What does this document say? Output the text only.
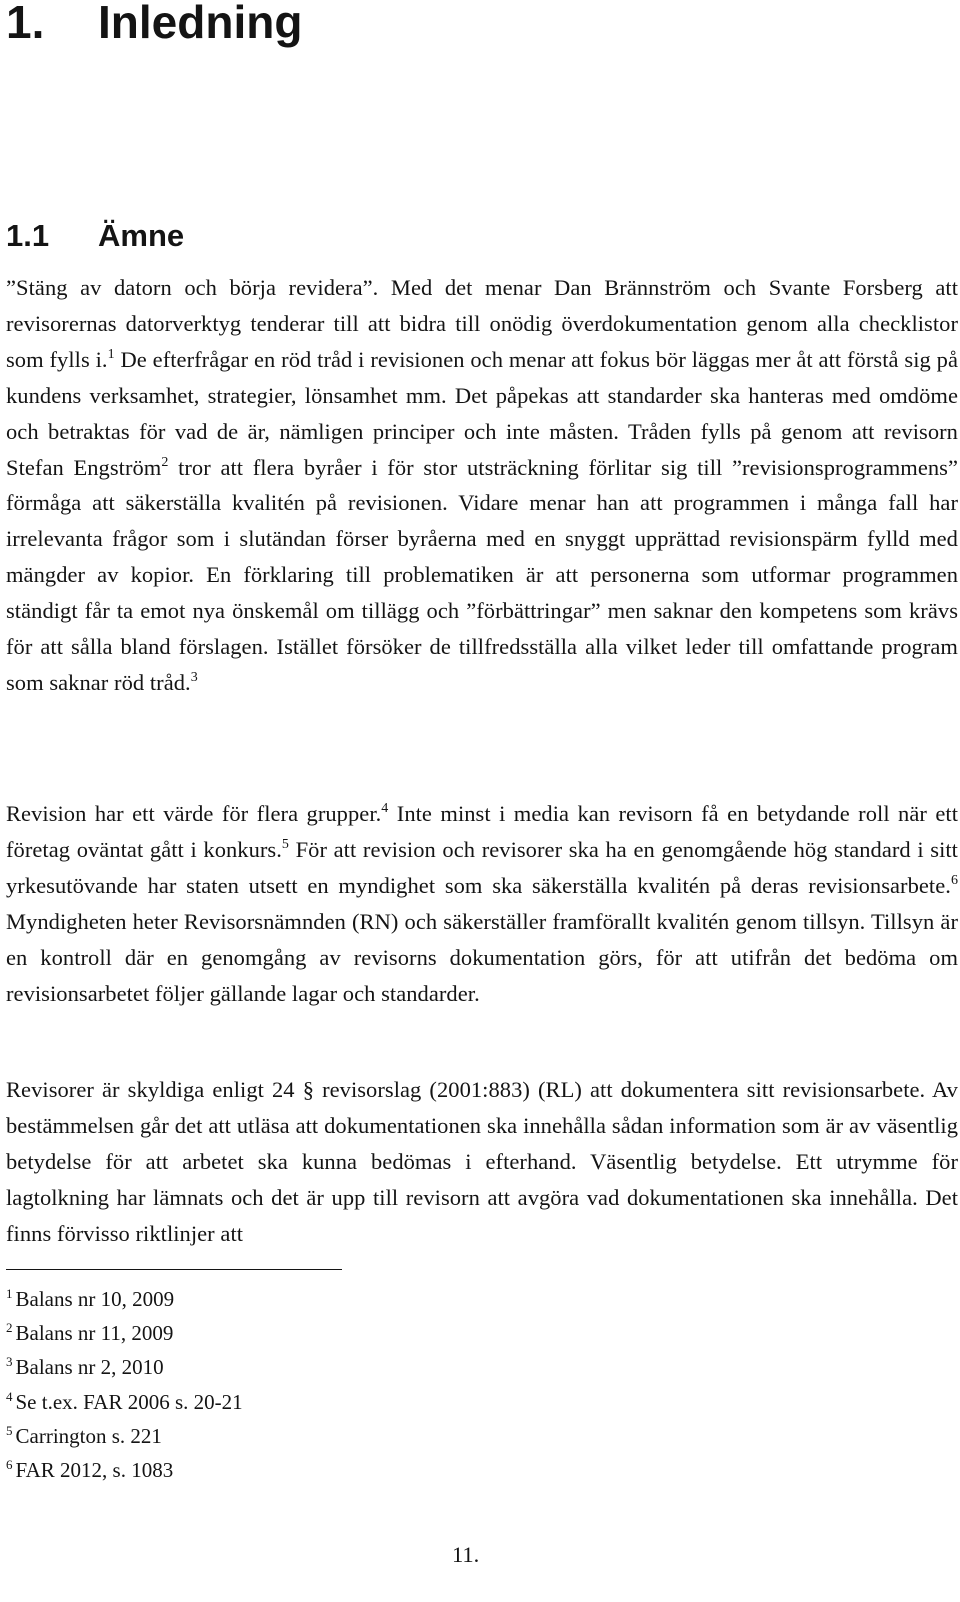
1. Inledning
1.1 Ämne

”Stäng av datorn och börja revidera”. Med det menar Dan Brännström och Svante Forsberg att revisorernas datorverktyg tenderar till att bidra till onödig överdokumentation genom alla checklistor som fylls i.$^1$ De efterfrågar en röd tråd i revisionen och menar att fokus bör läggas mer åt att förstå sig på kundens verksamhet, strategier, lönsamhet mm. Det påpekas att standarder ska hanteras med omdöme och betraktas för vad de är, nämligen principer och inte måsten. Tråden fylls på genom att revisorn Stefan Engström$^2$ tror att flera byråer i för stor utsträckning förlitar sig till ”revisionsprogrammens” förmåga att säkerställa kvalitén på revisionen. Vidare menar han att programmen i många fall har irrelevanta frågor som i slutändan förser byråerna med en snyggt upprättad revisionspärm fylld med mängder av kopior. En förklaring till problematiken är att personerna som utformar programmen ständigt får ta emot nya önskemål om tillägg och ”förbättringar” men saknar den kompetens som krävs för att sålla bland förslagen. Istället försöker de tillfredsställa alla vilket leder till omfattande program som saknar röd tråd.$^3$

Revision har ett värde för flera grupper.$^4$ Inte minst i media kan revisorn få en betydande roll när ett företag oväntat gått i konkurs.$^5$ För att revision och revisorer ska ha en genomgående hög standard i sitt yrkesutövande har staten utsett en myndighet som ska säkerställa kvalitén på deras revisionsarbete.$^6$ Myndigheten heter Revisorsnämnden (RN) och säkerställer framförallt kvalitén genom tillsyn. Tillsyn är en kontroll där en genomgång av revisorns dokumentation görs, för att utifrån det bedöma om revisionsarbetet följer gällande lagar och standarder.

Revisorer är skyldiga enligt 24 § revisorslag (2001:883) (RL) att dokumentera sitt revisionsarbete. Av bestämmelsen går det att utläsa att dokumentationen ska innehålla sådan information som är av väsentlig betydelse för att arbetet ska kunna bedömas i efterhand. Väsentlig betydelse. Ett utrymme för lagtolkning har lämnats och det är upp till revisorn att avgöra vad dokumentationen ska innehålla. Det finns förvisso riktlinjer att

$^1$ Balans nr 10, 2009
$^2$ Balans nr 11, 2009
$^3$ Balans nr 2, 2010
$^4$ Se t.ex. FAR 2006 s. 20-21
$^5$ Carrington s. 221
$^6$ FAR 2012, s. 1083
11.
